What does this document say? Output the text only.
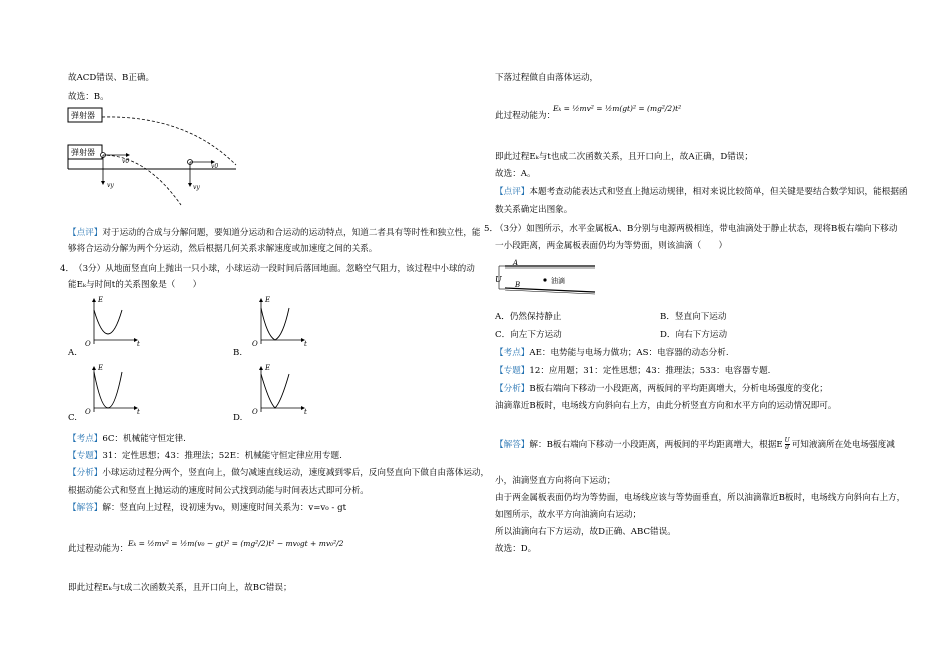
故ACD错误、B正确。
故选：B。
弹射器
弹射器
v0
vy
v0
vy
【点评】对于运动的合成与分解问题，要知道分运动和合运动的运动特点，知道二者具有等时性和独立性，能
够将合运动分解为两个分运动，然后根据几何关系求解速度或加速度之间的关系。
4． （3分）从地面竖直向上抛出一只小球，小球运动一段时间后落回地面。忽略空气阻力，该过程中小球的动
能Eₖ与时间t的关系图象是（　　）
E
O	t
A.
E
O	t
B.
E
O	t
C.
E
O	t
D.
【考点】6C：机械能守恒定律.
【专题】31：定性思想；43：推理法；52E：机械能守恒定律应用专题.
【分析】小球运动过程分两个，竖直向上，做匀减速直线运动，速度减到零后，反向竖直向下做自由落体运动，
根据动能公式和竖直上抛运动的速度时间公式找到动能与时间表达式即可分析。
【解答】解：竖直向上过程，设初速为v₀，则速度时间关系为：v=v₀ - gt
此过程动能为：
Eₖ = ½mv² = ½m(v₀ − gt)² = (mg²/2)t² − mv₀gt + mv₀²/2
即此过程Eₖ与t成二次函数关系，且开口向上，故BC错误；
下落过程做自由落体运动，
此过程动能为：
Eₖ = ½mv² = ½m(gt)² = (mg²/2)t²
即此过程Eₖ与t也成二次函数关系，且开口向上，故A正确，D错误；
故选：A。
【点评】本题考查动能表达式和竖直上抛运动规律，相对来说比较简单，但关键是要结合数学知识，能根据函
数关系确定出图象。
5．
（3分）如图所示，水平金属板A、B分别与电源两极相连，带电油滴处于静止状态，现将B板右端向下移动
一小段距离，两金属板表面仍均为等势面，则该油滴（　　）
A
B
U	油滴
A．仍然保持静止	B．竖直向下运动
C．向左下方运动	D．向右下方运动
【考点】AE：电势能与电场力做功；AS：电容器的动态分析.
【专题】12：应用题；31：定性思想；43：推理法；533：电容器专题.
【分析】B板右端向下移动一小段距离，两板间的平均距离增大，分析电场强度的变化；
油滴靠近B板时，电场线方向斜向右上方，由此分析竖直方向和水平方向的运动情况即可。
【解答】解：B板右端向下移动一小段距离，两板间的平均距离增大，根据E $\frac{U}{d}$ 可知液滴所在处电场强度减
小，油滴竖直方向将向下运动；
由于两金属板表面仍均为等势面，电场线应该与等势面垂直，所以油滴靠近B板时，电场线方向斜向右上方，
如图所示，故水平方向油滴向右运动；
所以油滴向右下方运动，故D正确、ABC错误。
故选：D。
